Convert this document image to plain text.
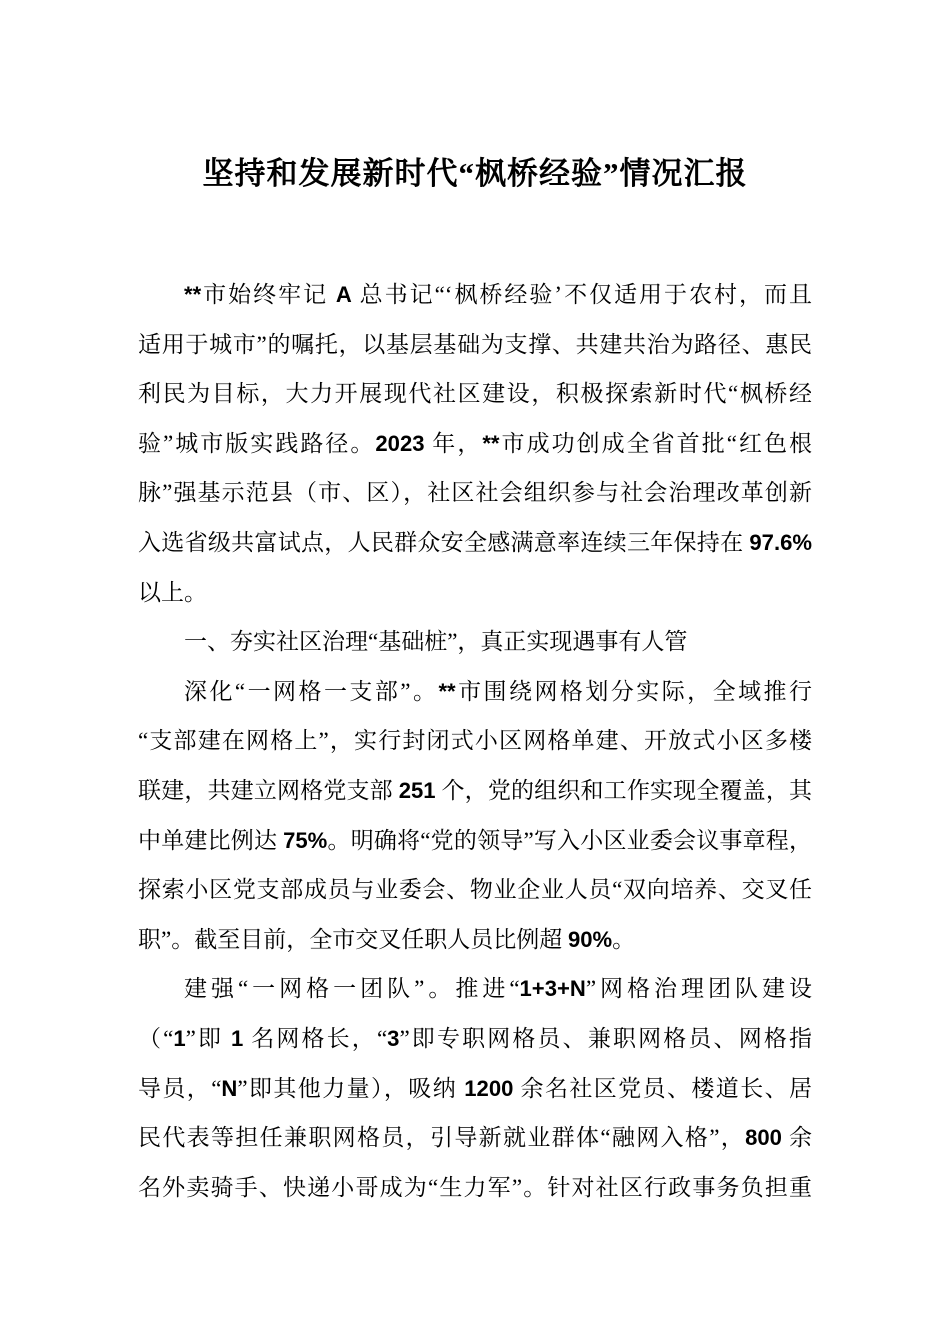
坚持和发展新时代“枫桥经验”情况汇报
**市始终牢记 A 总书记“‘枫桥经验’不仅适用于农村，而且
适用于城市”的嘱托，以基层基础为支撑、共建共治为路径、惠民
利民为目标，大力开展现代社区建设，积极探索新时代“枫桥经
验”城市版实践路径。2023 年，**市成功创成全省首批“红色根
脉”强基示范县（市、区），社区社会组织参与社会治理改革创新
入选省级共富试点，人民群众安全感满意率连续三年保持在 97.6%
以上。
一、夯实社区治理“基础桩”，真正实现遇事有人管
深化“一网格一支部”。**市围绕网格划分实际，全域推行
“支部建在网格上”，实行封闭式小区网格单建、开放式小区多楼
联建，共建立网格党支部 251 个，党的组织和工作实现全覆盖，其
中单建比例达 75%。明确将“党的领导”写入小区业委会议事章程，
探索小区党支部成员与业委会、物业企业人员“双向培养、交叉任
职”。截至目前，全市交叉任职人员比例超 90%。
建强“一网格一团队”。推进“1+3+N”网格治理团队建设
（“1”即 1 名网格长，“3”即专职网格员、兼职网格员、网格指
导员，“N”即其他力量），吸纳 1200 余名社区党员、楼道长、居
民代表等担任兼职网格员，引导新就业群体“融网入格”，800 余
名外卖骑手、快递小哥成为“生力军”。针对社区行政事务负担重
